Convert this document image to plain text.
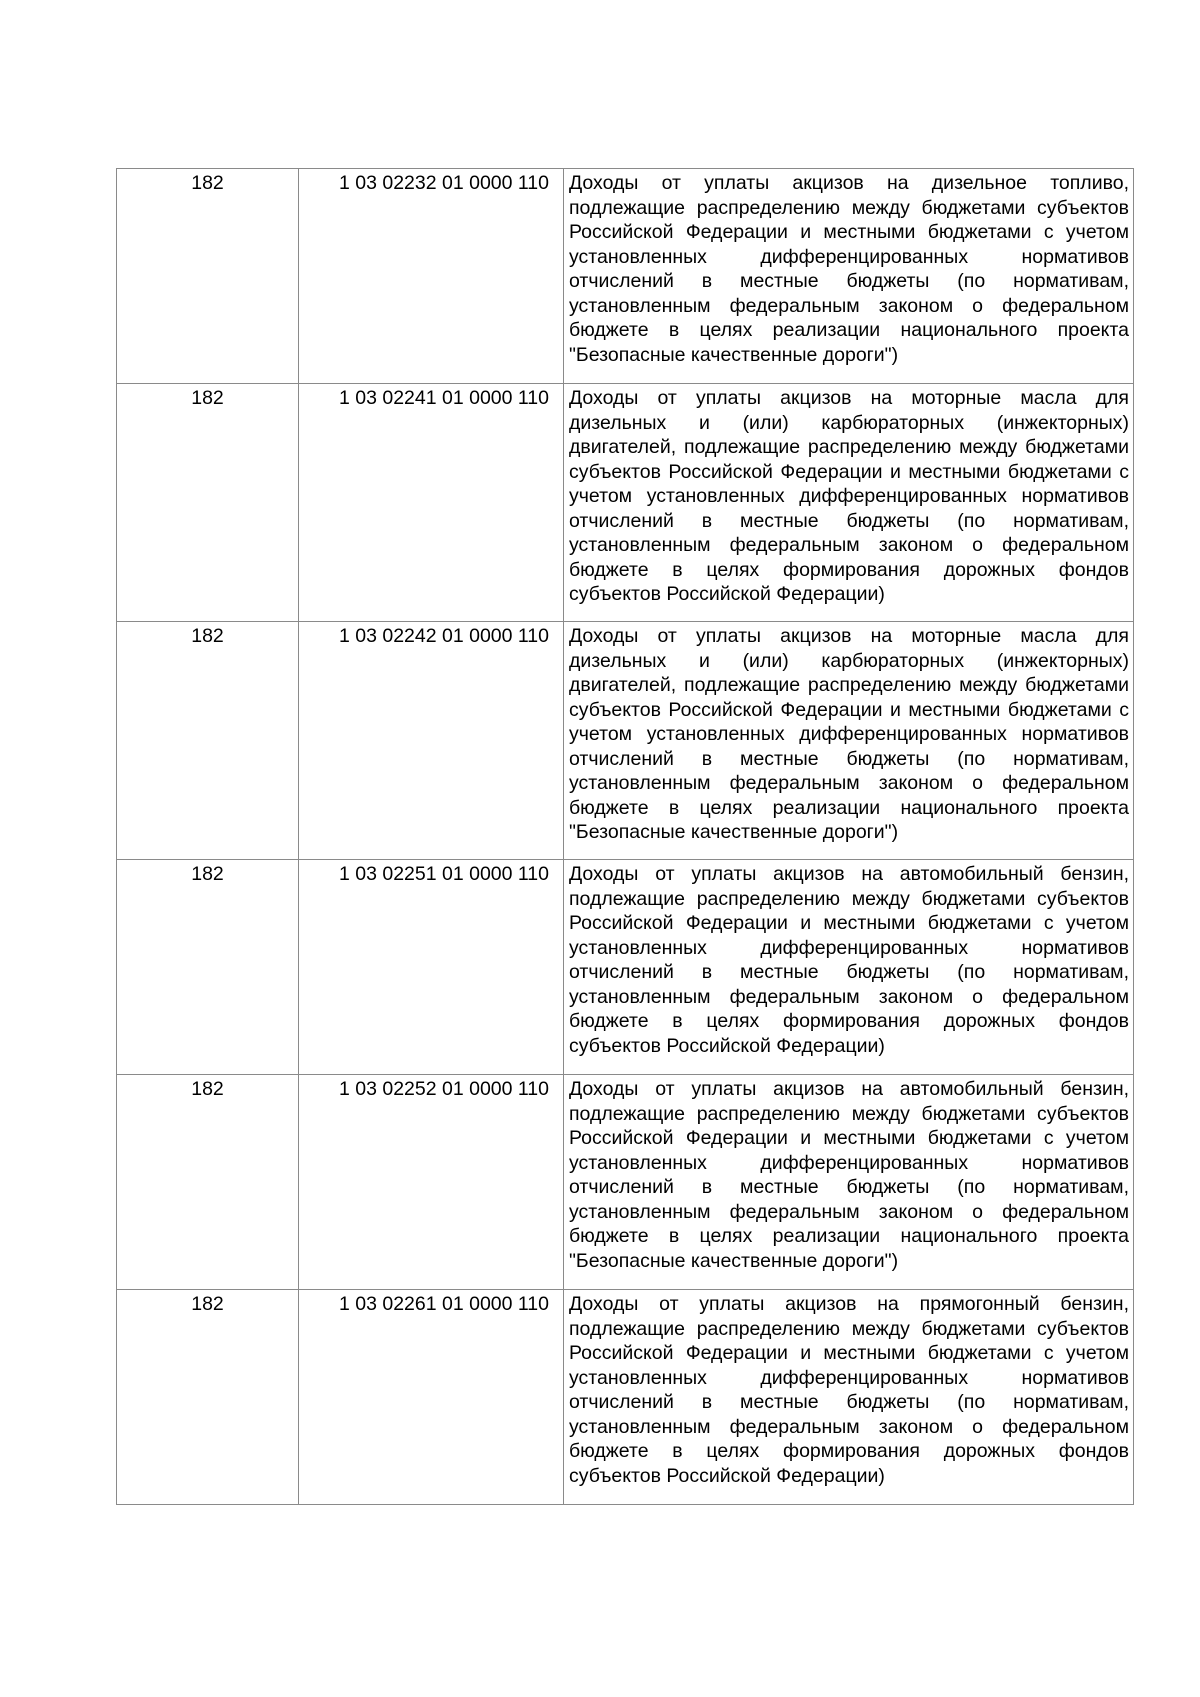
182	1 03 02232 01 0000 110	Доходы от уплаты акцизов на дизельное топливо, подлежащие распределению между бюджетами субъектов Российской Федерации и местными бюджетами с учетом установленных дифференцированных нормативов отчислений в местные бюджеты (по нормативам, установленным федеральным законом о федеральном бюджете в целях реализации национального проекта "Безопасные качественные дороги")

182	1 03 02241 01 0000 110	Доходы от уплаты акцизов на моторные масла для дизельных и (или) карбюраторных (инжекторных) двигателей, подлежащие распределению между бюджетами субъектов Российской Федерации и местными бюджетами с учетом установленных дифференцированных нормативов отчислений в местные бюджеты (по нормативам, установленным федеральным законом о федеральном бюджете в целях формирования дорожных фондов субъектов Российской Федерации)

182	1 03 02242 01 0000 110	Доходы от уплаты акцизов на моторные масла для дизельных и (или) карбюраторных (инжекторных) двигателей, подлежащие распределению между бюджетами субъектов Российской Федерации и местными бюджетами с учетом установленных дифференцированных нормативов отчислений в местные бюджеты (по нормативам, установленным федеральным законом о федеральном бюджете в целях реализации национального проекта "Безопасные качественные дороги")

182	1 03 02251 01 0000 110	Доходы от уплаты акцизов на автомобильный бензин, подлежащие распределению между бюджетами субъектов Российской Федерации и местными бюджетами с учетом установленных дифференцированных нормативов отчислений в местные бюджеты (по нормативам, установленным федеральным законом о федеральном бюджете в целях формирования дорожных фондов субъектов Российской Федерации)

182	1 03 02252 01 0000 110	Доходы от уплаты акцизов на автомобильный бензин, подлежащие распределению между бюджетами субъектов Российской Федерации и местными бюджетами с учетом установленных дифференцированных нормативов отчислений в местные бюджеты (по нормативам, установленным федеральным законом о федеральном бюджете в целях реализации национального проекта "Безопасные качественные дороги")

182	1 03 02261 01 0000 110	Доходы от уплаты акцизов на прямогонный бензин, подлежащие распределению между бюджетами субъектов Российской Федерации и местными бюджетами с учетом установленных дифференцированных нормативов отчислений в местные бюджеты (по нормативам, установленным федеральным законом о федеральном бюджете в целях формирования дорожных фондов субъектов Российской Федерации)
